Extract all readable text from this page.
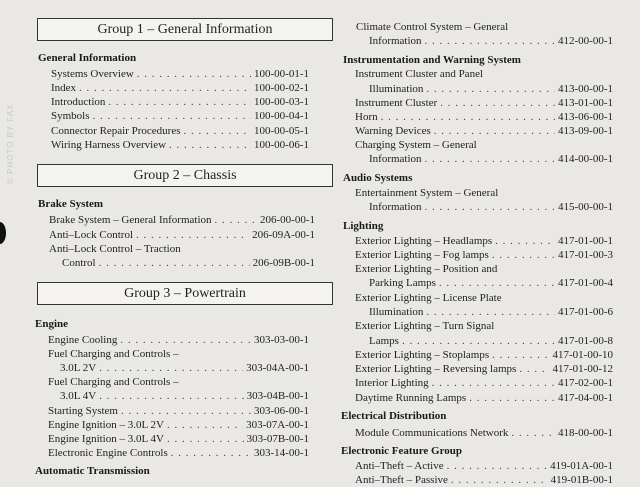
© PHOTO BY FAX
Group 1 – General Information
General Information
Systems Overview . . .	100-00-01-1
Index . . .	100-00-02-1
Introduction . . .	100-00-03-1
Symbols . . .	100-00-04-1
Connector Repair Procedures . . .	100-00-05-1
Wiring Harness Overview . . .	100-00-06-1
Group 2 – Chassis
Brake System
Brake System – General Information . . .	206-00-00-1
Anti–Lock Control . . .	206-09A-00-1
Anti–Lock Control – Traction
Control . . .	206-09B-00-1
Group 3 – Powertrain
Engine
Engine Cooling . . .	303-03-00-1
Fuel Charging and Controls –
3.0L 2V . . .	303-04A-00-1
Fuel Charging and Controls –
3.0L 4V . . .	303-04B-00-1
Starting System . . .	303-06-00-1
Engine Ignition – 3.0L 2V . . .	303-07A-00-1
Engine Ignition – 3.0L 4V . . .	303-07B-00-1
Electronic Engine Controls . . .	303-14-00-1
Automatic Transmission
Climate Control System – General
Information . . .	412-00-00-1
Instrumentation and Warning System
Instrument Cluster and Panel
Illumination . . .	413-00-00-1
Instrument Cluster . . .	413-01-00-1
Horn . . .	413-06-00-1
Warning Devices . . .	413-09-00-1
Charging System – General
Information . . .	414-00-00-1
Audio Systems
Entertainment System – General
Information . . .	415-00-00-1
Lighting
Exterior Lighting – Headlamps . . .	417-01-00-1
Exterior Lighting – Fog lamps . . .	417-01-00-3
Exterior Lighting – Position and
Parking Lamps . . .	417-01-00-4
Exterior Lighting – License Plate
Illumination . . .	417-01-00-6
Exterior Lighting – Turn Signal
Lamps . . .	417-01-00-8
Exterior Lighting – Stoplamps . . .	417-01-00-10
Exterior Lighting – Reversing lamps . . .	417-01-00-12
Interior Lighting . . .	417-02-00-1
Daytime Running Lamps . . .	417-04-00-1
Electrical Distribution
Module Communications Network . . .	418-00-00-1
Electronic Feature Group
Anti–Theft – Active . . .	419-01A-00-1
Anti–Theft – Passive . . .	419-01B-00-1
